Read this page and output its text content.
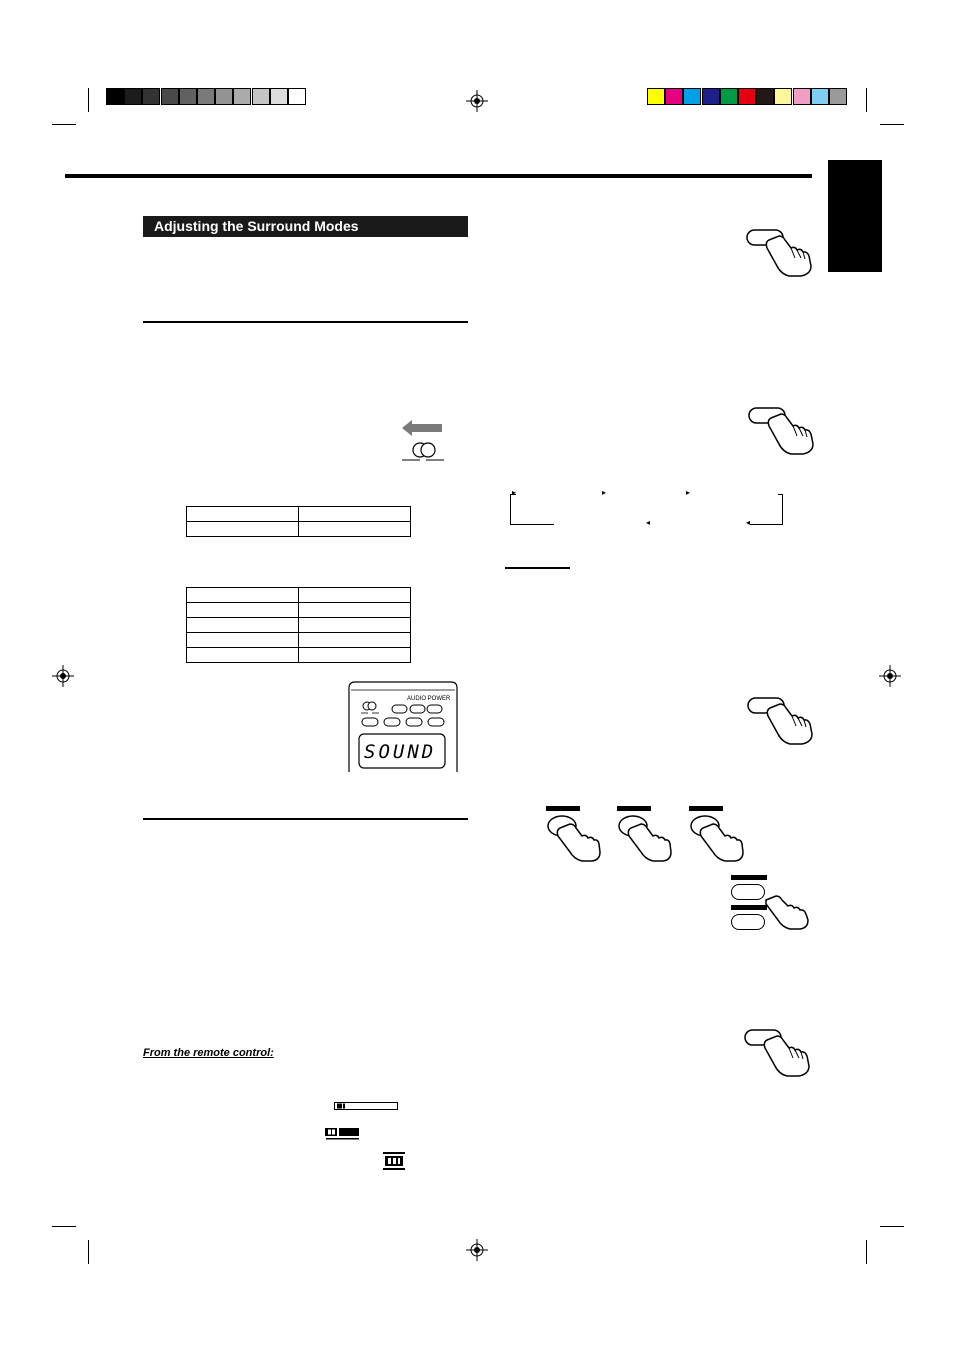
Adjusting the Surround Modes

AUDIO POWER
SOUND
From the remote control:
▸	▸	▸
◂	◂
